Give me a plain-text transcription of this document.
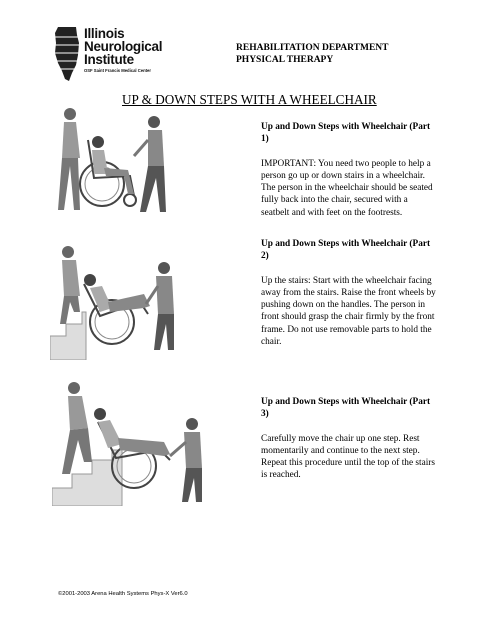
Illinois
Neurological
Institute
OSF Saint Francis Medical Center
REHABILITATION DEPARTMENT
PHYSICAL THERAPY
UP & DOWN STEPS WITH A WHEELCHAIR
Up and Down Steps with Wheelchair (Part 1)

IMPORTANT: You need two people to help a person go up or down stairs in a wheelchair. The person in the wheelchair should be seated fully back into the chair, secured with a seatbelt and with feet on the footrests.

Up and Down Steps with Wheelchair (Part 2)

Up the stairs: Start with the wheelchair facing away from the stairs. Raise the front wheels by pushing down on the handles. The person in front should grasp the chair firmly by the front frame. Do not use removable parts to hold the chair.

Up and Down Steps with Wheelchair (Part 3)

Carefully move the chair up one step. Rest momentarily and continue to the next step. Repeat this procedure until the top of the stairs is reached.

©2001-2003 Arena Health Systems Phys-X Ver6.0
